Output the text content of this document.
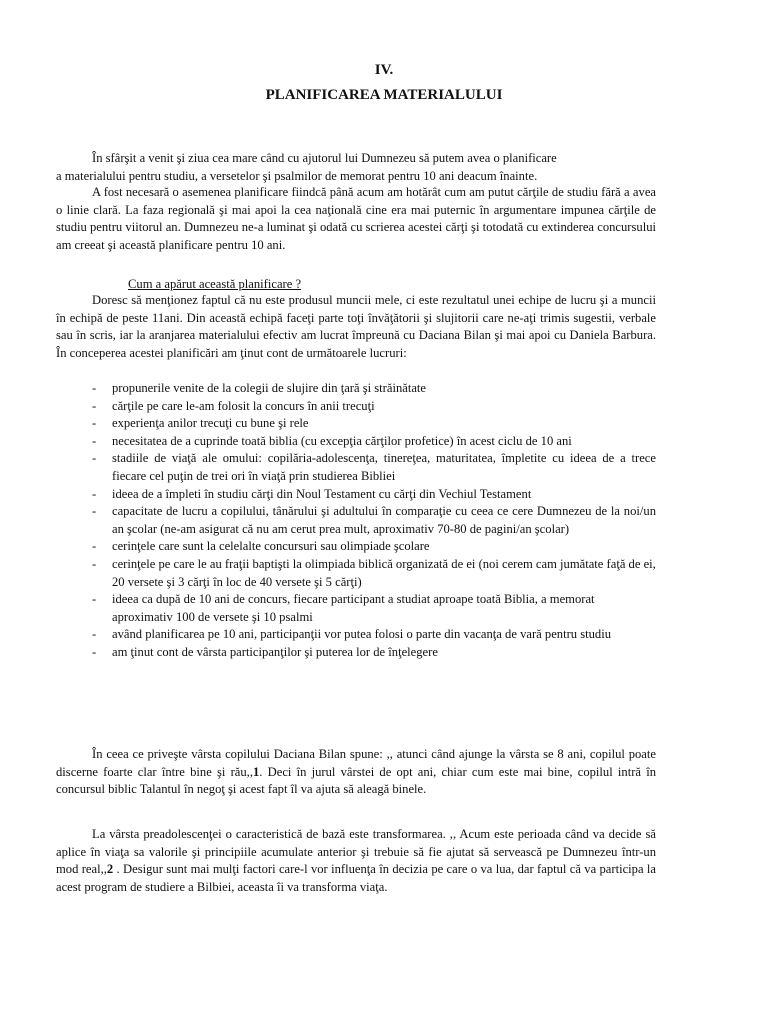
IV.
PLANIFICAREA MATERIALULUI
În sfârşit a venit şi ziua cea mare când cu ajutorul lui Dumnezeu să putem avea o planificare
a materialului pentru studiu, a versetelor şi psalmilor de memorat pentru 10 ani deacum înainte.

A fost necesară o asemenea planificare fiindcă până acum am hotărât cum am putut cărţile de studiu fără a avea o linie clară. La faza regională şi mai apoi la cea naţională cine era mai puternic în argumentare impunea cărţile de studiu pentru viitorul an. Dumnezeu ne-a luminat şi odată cu scrierea acestei cărţi şi totodată cu extinderea concursului am creeat şi această planificare pentru 10 ani.

Cum a apărut această planificare ?

Doresc să menţionez faptul că nu este produsul muncii mele, ci este rezultatul unei echipe de lucru şi a muncii în echipă de peste 11ani. Din această echipă faceţi parte toţi învăţătorii şi slujitorii care ne-aţi trimis sugestii, verbale sau în scris, iar la aranjarea materialului efectiv am lucrat împreună cu Daciana Bilan şi mai apoi cu Daniela Barbura. În conceperea acestei planificări am ţinut cont de următoarele lucruri:

-	propunerile venite de la colegii de slujire din ţară şi străinătate
-	cărţile pe care le-am folosit la concurs în anii trecuţi
-	experienţa anilor trecuţi cu bune şi rele
-	necesitatea de a cuprinde toată biblia (cu excepţia cărţilor profetice) în acest ciclu de 10 ani
-	stadiile de viaţă ale omului: copilăria-adolescenţa, tinereţea, maturitatea, împletite cu ideea de a trece fiecare cel puţin de trei ori în viaţă prin studierea Bibliei
-	ideea de a împleti în studiu cărţi din Noul Testament cu cărţi din Vechiul Testament
-	capacitate de lucru a copilului, tânărului şi adultului în comparaţie cu ceea ce cere Dumnezeu de la noi/un an şcolar (ne-am asigurat că nu am cerut prea mult, aproximativ 70-80 de pagini/an şcolar)
-	cerinţele care sunt la celelalte concursuri sau olimpiade şcolare
-	cerinţele pe care le au fraţii baptişti la olimpiada biblică organizată de ei (noi cerem cam jumătate faţă de ei, 20 versete şi 3 cărţi în loc de 40 versete şi 5 cărţi)
-	ideea ca după de 10 ani de concurs, fiecare participant a studiat aproape toată Biblia, a memorat aproximativ 100 de versete şi 10 psalmi
-	având planificarea pe 10 ani, participanţii vor putea folosi o parte din vacanţa de vară pentru studiu
-	am ţinut cont de vârsta participanţilor şi puterea lor de înţelegere

În ceea ce priveşte vârsta copilului Daciana Bilan spune: ,, atunci când ajunge la vârsta se 8 ani, copilul poate discerne foarte clar între bine şi rău,,1. Deci în jurul vârstei de opt ani, chiar cum este mai bine, copilul intră în concursul biblic Talantul în negoţ şi acest fapt îl va ajuta să aleagă binele.

La vârsta preadolescenţei o caracteristică de bază este transformarea. ,, Acum este perioada când va decide să aplice în viaţa sa valorile şi principiile acumulate anterior şi trebuie să fie ajutat să servească pe Dumnezeu într-un mod real,,2 . Desigur sunt mai mulţi factori care-l vor influenţa în decizia pe care o va lua, dar faptul că va participa la acest program de studiere a Bilbiei, aceasta îi va transforma viaţa.
